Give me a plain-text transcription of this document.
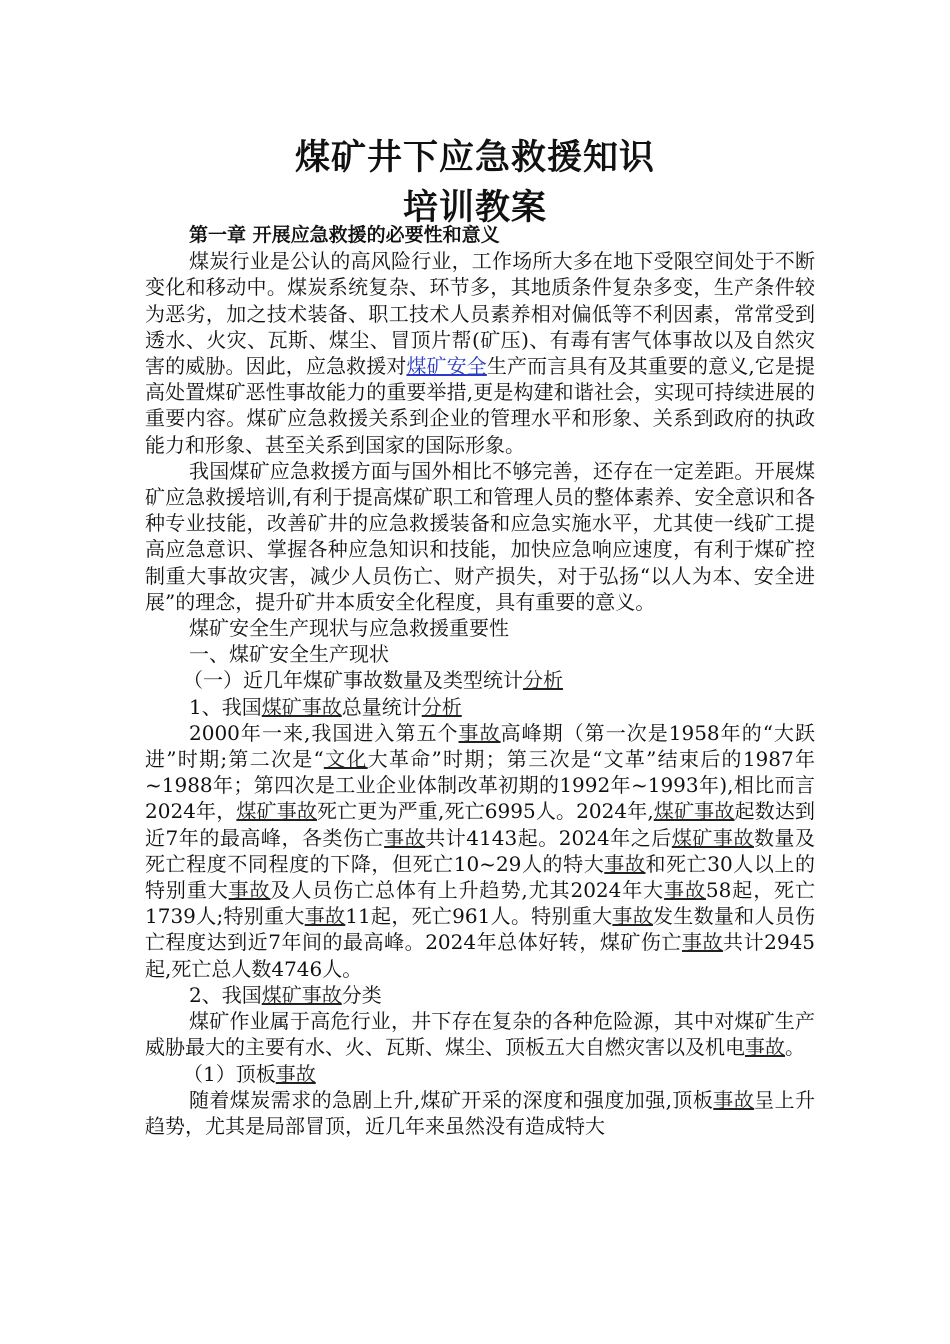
煤矿井下应急救援知识
培训教案

第一章 开展应急救援的必要性和意义

煤炭行业是公认的高风险行业，工作场所大多在地下受限空间处于不断变化和移动中。煤炭系统复杂、环节多，其地质条件复杂多变，生产条件较为恶劣，加之技术装备、职工技术人员素养相对偏低等不利因素，常常受到透水、火灾、瓦斯、煤尘、冒顶片帮(矿压)、有毒有害气体事故以及自然灾害的威胁。因此，应急救援对煤矿安全生产而言具有及其重要的意义,它是提高处置煤矿恶性事故能力的重要举措,更是构建和谐社会，实现可持续进展的重要内容。煤矿应急救援关系到企业的管理水平和形象、关系到政府的执政能力和形象、甚至关系到国家的国际形象。

我国煤矿应急救援方面与国外相比不够完善，还存在一定差距。开展煤矿应急救援培训,有利于提高煤矿职工和管理人员的整体素养、安全意识和各种专业技能，改善矿井的应急救援装备和应急实施水平，尤其使一线矿工提高应急意识、掌握各种应急知识和技能，加快应急响应速度，有利于煤矿控制重大事故灾害，减少人员伤亡、财产损失，对于弘扬“以人为本、安全进展”的理念，提升矿井本质安全化程度，具有重要的意义。

煤矿安全生产现状与应急救援重要性

一、煤矿安全生产现状

（一）近几年煤矿事故数量及类型统计分析

1、我国煤矿事故总量统计分析

2000年一来,我国进入第五个事故高峰期（第一次是1958年的“大跃进”时期;第二次是“文化大革命”时期；第三次是“文革”结束后的1987年~1988年；第四次是工业企业体制改革初期的1992年~1993年),相比而言2024年，煤矿事故死亡更为严重,死亡6995人。2024年,煤矿事故起数达到近7年的最高峰，各类伤亡事故共计4143起。2024年之后煤矿事故数量及死亡程度不同程度的下降，但死亡10~29人的特大事故和死亡30人以上的特别重大事故及人员伤亡总体有上升趋势,尤其2024年大事故58起，死亡1739人;特别重大事故11起，死亡961人。特别重大事故发生数量和人员伤亡程度达到近7年间的最高峰。2024年总体好转，煤矿伤亡事故共计2945起,死亡总人数4746人。

2、我国煤矿事故分类

煤矿作业属于高危行业，井下存在复杂的各种危险源，其中对煤矿生产威胁最大的主要有水、火、瓦斯、煤尘、顶板五大自燃灾害以及机电事故。

（1）顶板事故

随着煤炭需求的急剧上升,煤矿开采的深度和强度加强,顶板事故呈上升趋势，尤其是局部冒顶，近几年来虽然没有造成特大
